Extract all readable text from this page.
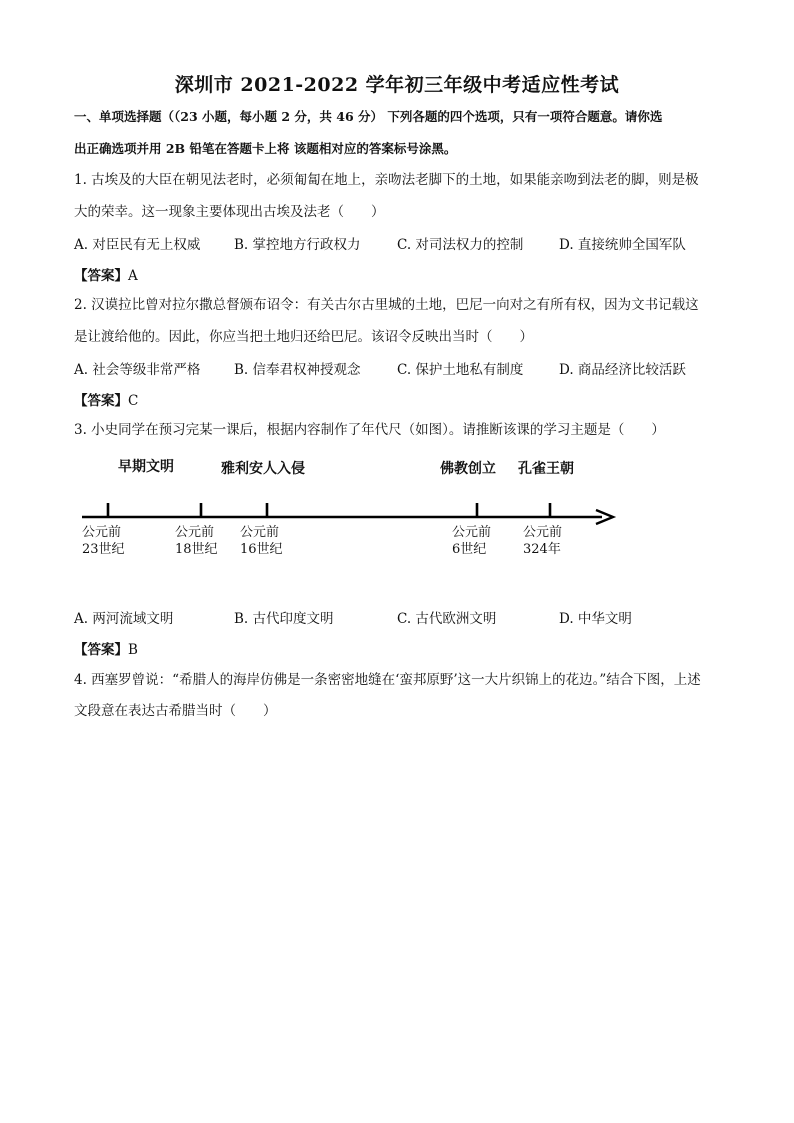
深圳市 2021-2022 学年初三年级中考适应性考试
一、单项选择题（（23 小题，每小题 2 分，共 46 分） 下列各题的四个选项，只有一项符合题意。请你选
出正确选项并用 2B 铅笔在答题卡上将 该题相对应的答案标号涂黑。
1. 古埃及的大臣在朝见法老时，必须匍匐在地上，亲吻法老脚下的土地，如果能亲吻到法老的脚，则是极
大的荣幸。这一现象主要体现出古埃及法老（　　）
A. 对臣民有无上权威 B. 掌控地方行政权力	C. 对司法权力的控制	D. 直接统帅全国军队
【答案】A
2. 汉谟拉比曾对拉尔撒总督颁布诏令：有关古尔古里城的土地，巴尼一向对之有所有权，因为文书记载这
是让渡给他的。因此，你应当把土地归还给巴尼。该诏令反映出当时（　　）
A. 社会等级非常严格 B. 信奉君权神授观念	C. 保护土地私有制度	D. 商品经济比较活跃
【答案】C
3. 小史同学在预习完某一课后，根据内容制作了年代尺（如图）。请推断该课的学习主题是（　　）
早期文明	雅利安人入侵	佛教创立 孔雀王朝
公元前
23世纪
公元前
18世纪
公元前
16世纪
公元前
6世纪
公元前
324年
A. 两河流域文明	B. 古代印度文明	C. 古代欧洲文明	D. 中华文明
【答案】B
4. 西塞罗曾说：“希腊人的海岸仿佛是一条密密地缝在‘蛮邦原野’这一大片织锦上的花边。”结合下图，上述
文段意在表达古希腊当时（　　）
